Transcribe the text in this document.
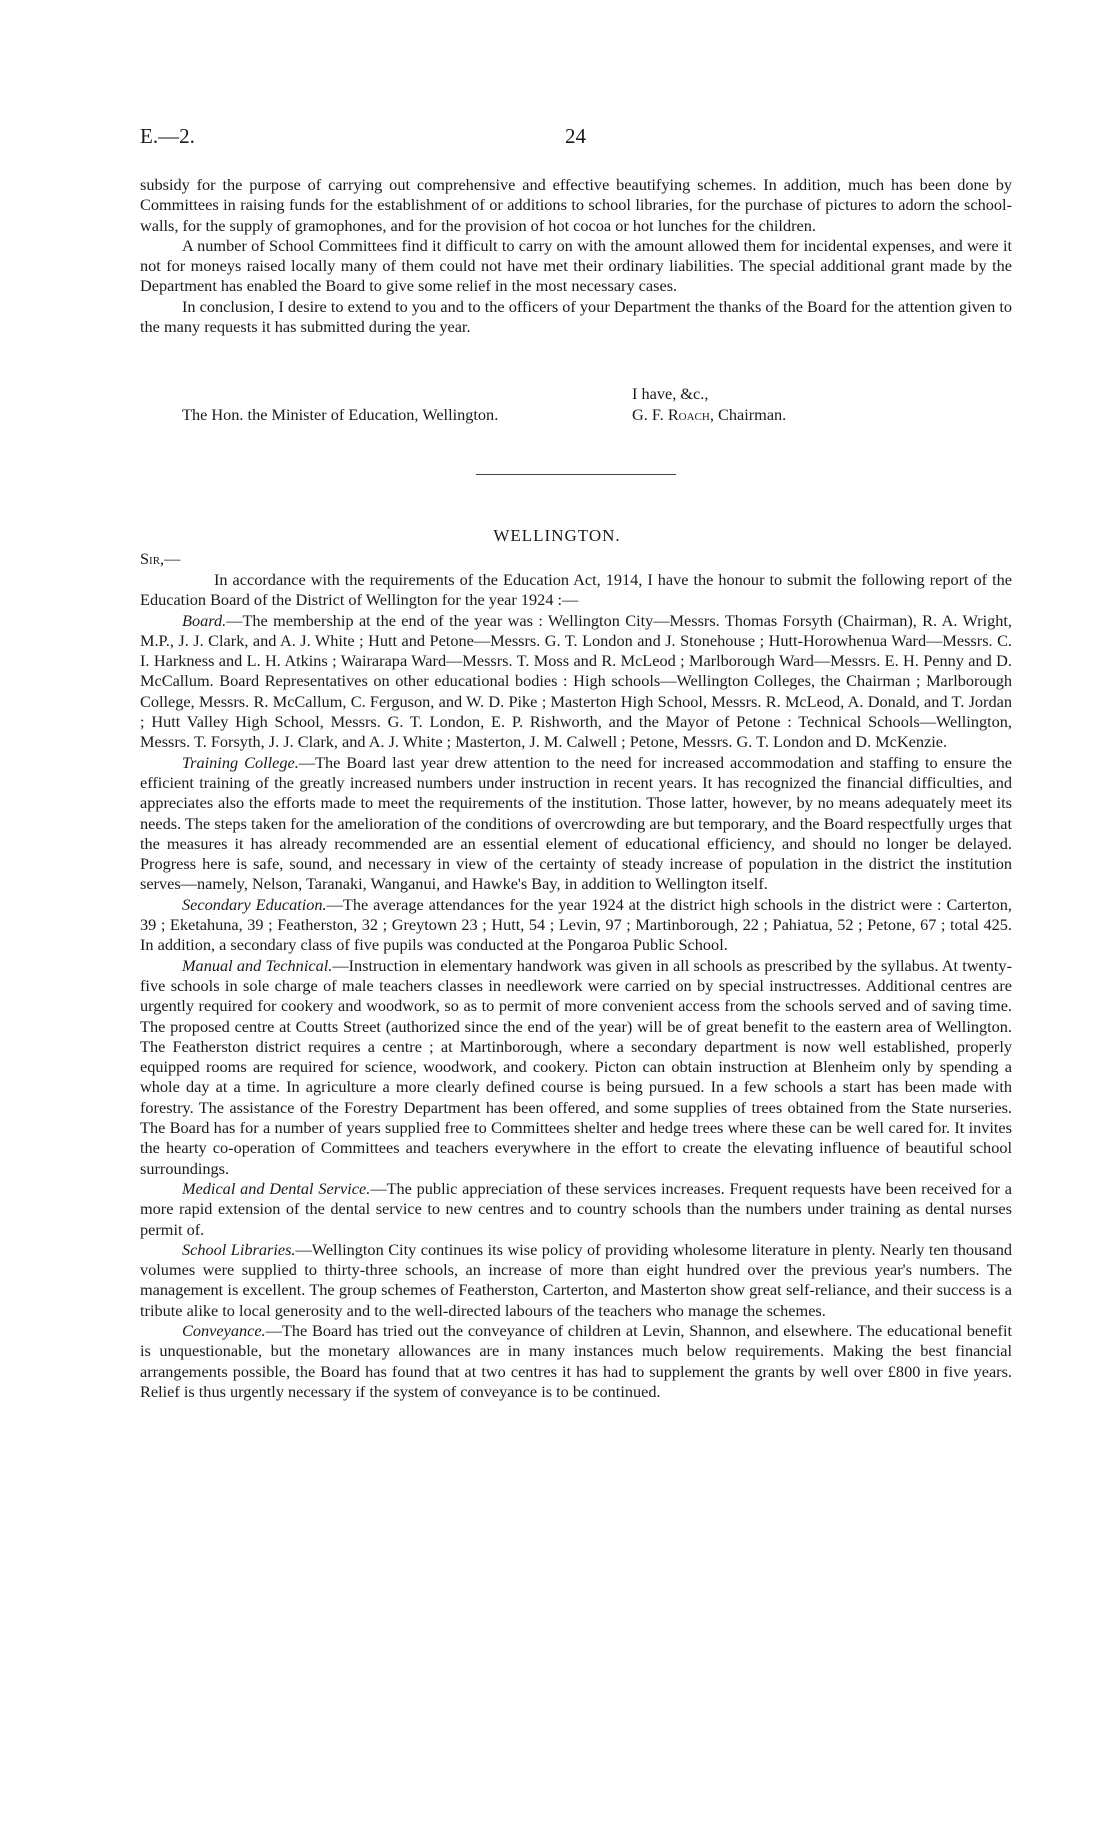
E.—2.	24

subsidy for the purpose of carrying out comprehensive and effective beautifying schemes. In addition, much has been done by Committees in raising funds for the establishment of or additions to school libraries, for the purchase of pictures to adorn the school-walls, for the supply of gramophones, and for the provision of hot cocoa or hot lunches for the children.

A number of School Committees find it difficult to carry on with the amount allowed them for incidental expenses, and were it not for moneys raised locally many of them could not have met their ordinary liabilities. The special additional grant made by the Department has enabled the Board to give some relief in the most necessary cases.

In conclusion, I desire to extend to you and to the officers of your Department the thanks of the Board for the attention given to the many requests it has submitted during the year.

I have, &c.,
The Hon. the Minister of Education, Wellington.	G. F. Roach, Chairman.
WELLINGTON.
Sir,—

In accordance with the requirements of the Education Act, 1914, I have the honour to submit the following report of the Education Board of the District of Wellington for the year 1924 :—

Board.—The membership at the end of the year was : Wellington City—Messrs. Thomas Forsyth (Chairman), R. A. Wright, M.P., J. J. Clark, and A. J. White ; Hutt and Petone—Messrs. G. T. London and J. Stonehouse ; Hutt-Horowhenua Ward—Messrs. C. I. Harkness and L. H. Atkins ; Wairarapa Ward—Messrs. T. Moss and R. McLeod ; Marlborough Ward—Messrs. E. H. Penny and D. McCallum. Board Representatives on other educational bodies : High schools—Wellington Colleges, the Chairman ; Marlborough College, Messrs. R. McCallum, C. Ferguson, and W. D. Pike ; Masterton High School, Messrs. R. McLeod, A. Donald, and T. Jordan ; Hutt Valley High School, Messrs. G. T. London, E. P. Rishworth, and the Mayor of Petone : Technical Schools—Wellington, Messrs. T. Forsyth, J. J. Clark, and A. J. White ; Masterton, J. M. Calwell ; Petone, Messrs. G. T. London and D. McKenzie.

Training College.—The Board last year drew attention to the need for increased accommodation and staffing to ensure the efficient training of the greatly increased numbers under instruction in recent years. It has recognized the financial difficulties, and appreciates also the efforts made to meet the requirements of the institution. Those latter, however, by no means adequately meet its needs. The steps taken for the amelioration of the conditions of overcrowding are but temporary, and the Board respectfully urges that the measures it has already recommended are an essential element of educational efficiency, and should no longer be delayed. Progress here is safe, sound, and necessary in view of the certainty of steady increase of population in the district the institution serves—namely, Nelson, Taranaki, Wanganui, and Hawke's Bay, in addition to Wellington itself.

Secondary Education.—The average attendances for the year 1924 at the district high schools in the district were : Carterton, 39 ; Eketahuna, 39 ; Featherston, 32 ; Greytown 23 ; Hutt, 54 ; Levin, 97 ; Martinborough, 22 ; Pahiatua, 52 ; Petone, 67 ; total 425. In addition, a secondary class of five pupils was conducted at the Pongaroa Public School.

Manual and Technical.—Instruction in elementary handwork was given in all schools as prescribed by the syllabus. At twenty-five schools in sole charge of male teachers classes in needlework were carried on by special instructresses. Additional centres are urgently required for cookery and woodwork, so as to permit of more convenient access from the schools served and of saving time. The proposed centre at Coutts Street (authorized since the end of the year) will be of great benefit to the eastern area of Wellington. The Featherston district requires a centre ; at Martinborough, where a secondary department is now well established, properly equipped rooms are required for science, woodwork, and cookery. Picton can obtain instruction at Blenheim only by spending a whole day at a time. In agriculture a more clearly defined course is being pursued. In a few schools a start has been made with forestry. The assistance of the Forestry Department has been offered, and some supplies of trees obtained from the State nurseries. The Board has for a number of years supplied free to Committees shelter and hedge trees where these can be well cared for. It invites the hearty co-operation of Committees and teachers everywhere in the effort to create the elevating influence of beautiful school surroundings.

Medical and Dental Service.—The public appreciation of these services increases. Frequent requests have been received for a more rapid extension of the dental service to new centres and to country schools than the numbers under training as dental nurses permit of.

School Libraries.—Wellington City continues its wise policy of providing wholesome literature in plenty. Nearly ten thousand volumes were supplied to thirty-three schools, an increase of more than eight hundred over the previous year's numbers. The management is excellent. The group schemes of Featherston, Carterton, and Masterton show great self-reliance, and their success is a tribute alike to local generosity and to the well-directed labours of the teachers who manage the schemes.

Conveyance.—The Board has tried out the conveyance of children at Levin, Shannon, and elsewhere. The educational benefit is unquestionable, but the monetary allowances are in many instances much below requirements. Making the best financial arrangements possible, the Board has found that at two centres it has had to supplement the grants by well over £800 in five years. Relief is thus urgently necessary if the system of conveyance is to be continued.
